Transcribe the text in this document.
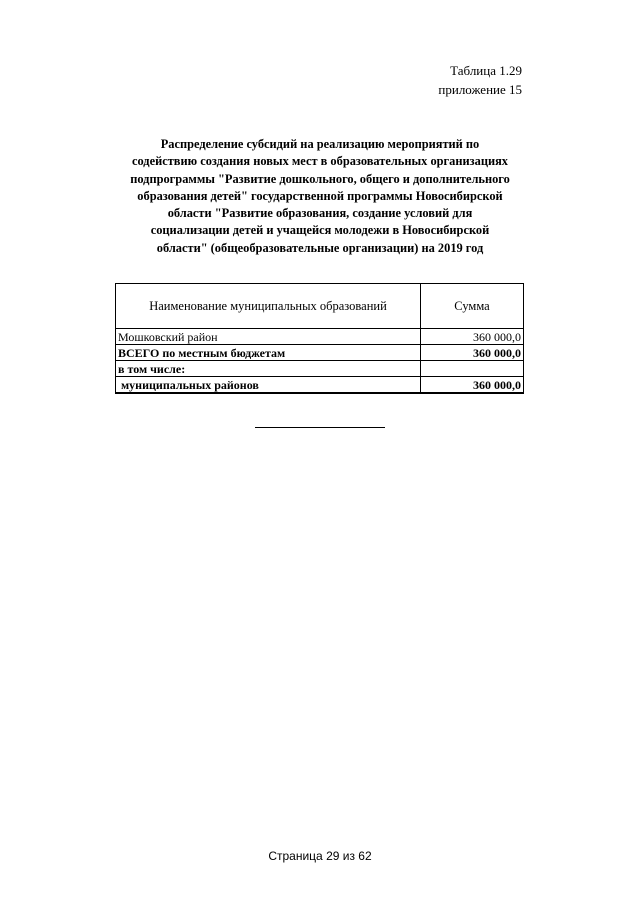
Таблица 1.29
приложение 15
Распределение субсидий на реализацию мероприятий по
содействию создания новых мест в образовательных организациях
подпрограммы "Развитие дошкольного, общего и дополнительного
образования детей" государственной программы Новосибирской
области "Развитие образования, создание условий для
социализации детей и учащейся молодежи в Новосибирской
области" (общеобразовательные организации) на 2019 год
Наименование муниципальных образований	Сумма
Мошковский район	360 000,0
ВСЕГО по местным бюджетам	360 000,0
в том числе:	
муниципальных районов	360 000,0
Страница 29 из 62
